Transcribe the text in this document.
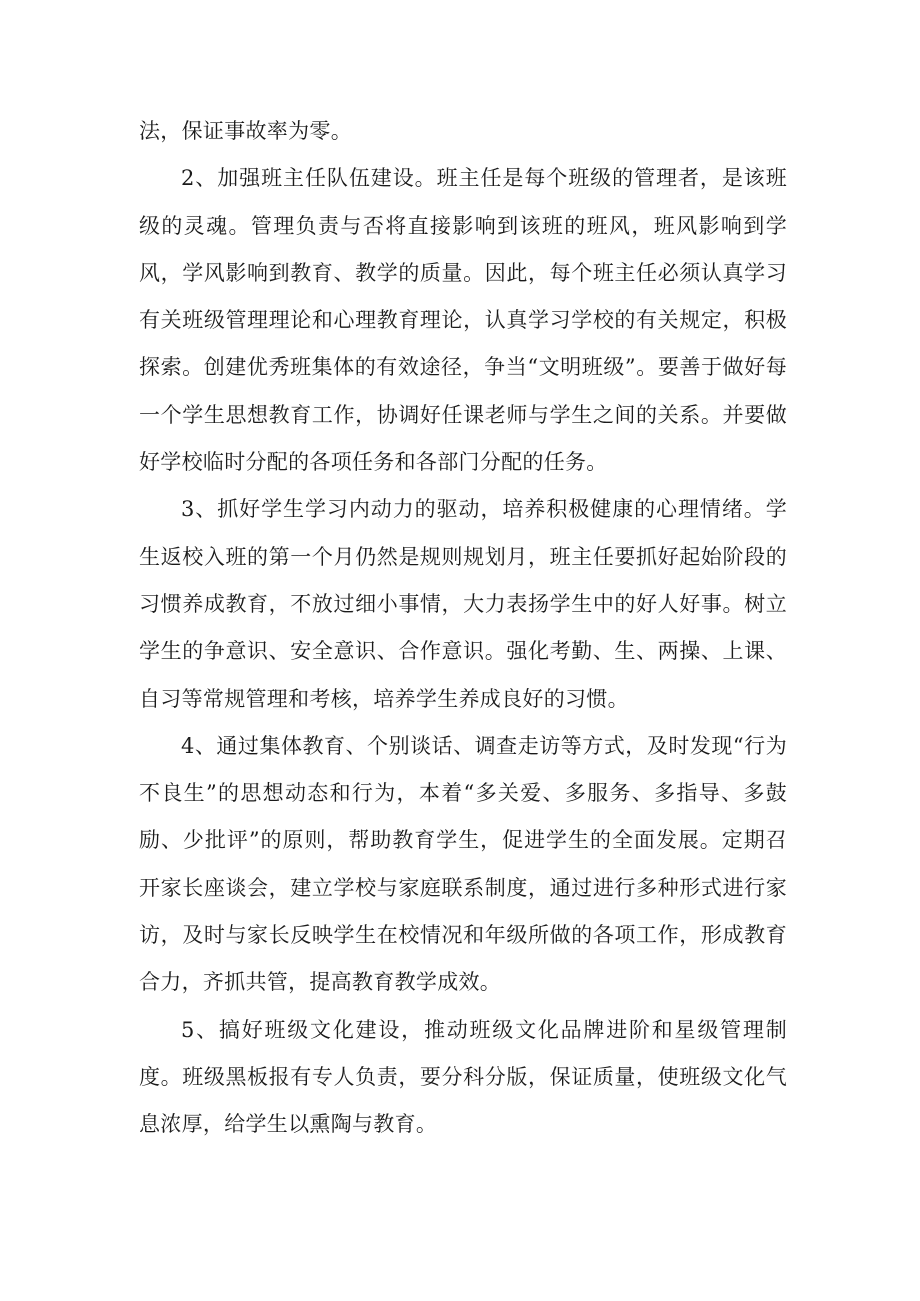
法，保证事故率为零。

2、加强班主任队伍建设。班主任是每个班级的管理者，是该班级的灵魂。管理负责与否将直接影响到该班的班风，班风影响到学风，学风影响到教育、教学的质量。因此，每个班主任必须认真学习有关班级管理理论和心理教育理论，认真学习学校的有关规定，积极探索。创建优秀班集体的有效途径，争当“文明班级”。要善于做好每一个学生思想教育工作，协调好任课老师与学生之间的关系。并要做好学校临时分配的各项任务和各部门分配的任务。

3、抓好学生学习内动力的驱动，培养积极健康的心理情绪。学生返校入班的第一个月仍然是规则规划月，班主任要抓好起始阶段的习惯养成教育，不放过细小事情，大力表扬学生中的好人好事。树立学生的争意识、安全意识、合作意识。强化考勤、生、两操、上课、自习等常规管理和考核，培养学生养成良好的习惯。

4、通过集体教育、个别谈话、调查走访等方式，及时发现“行为不良生”的思想动态和行为，本着“多关爱、多服务、多指导、多鼓励、少批评”的原则，帮助教育学生，促进学生的全面发展。定期召开家长座谈会，建立学校与家庭联系制度，通过进行多种形式进行家访，及时与家长反映学生在校情况和年级所做的各项工作，形成教育合力，齐抓共管，提高教育教学成效。

5、搞好班级文化建设，推动班级文化品牌进阶和星级管理制度。班级黑板报有专人负责，要分科分版，保证质量，使班级文化气息浓厚，给学生以熏陶与教育。
